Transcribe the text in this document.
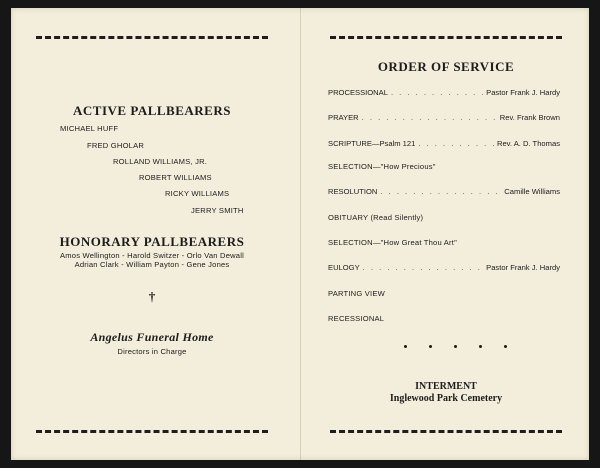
ACTIVE PALLBEARERS
MICHAEL HUFF
FRED GHOLAR
ROLLAND WILLIAMS, JR.
ROBERT WILLIAMS
RICKY WILLIAMS
JERRY SMITH
HONORARY PALLBEARERS
Amos Wellington - Harold Switzer - Orlo Van Dewall
Adrian Clark - William Payton - Gene Jones
†
Angelus Funeral Home
Directors in Charge
ORDER OF SERVICE
PROCESSIONAL . . .	Pastor Frank J. Hardy
PRAYER . . .	Rev. Frank Brown
SCRIPTURE—Psalm 121 . . .	Rev. A. D. Thomas
SELECTION—"How Precious"
RESOLUTION . . .	Camille Williams
OBITUARY (Read Silently)
SELECTION—"How Great Thou Art"
EULOGY . . .	Pastor Frank J. Hardy
PARTING VIEW
RECESSIONAL
INTERMENT
Inglewood Park Cemetery
